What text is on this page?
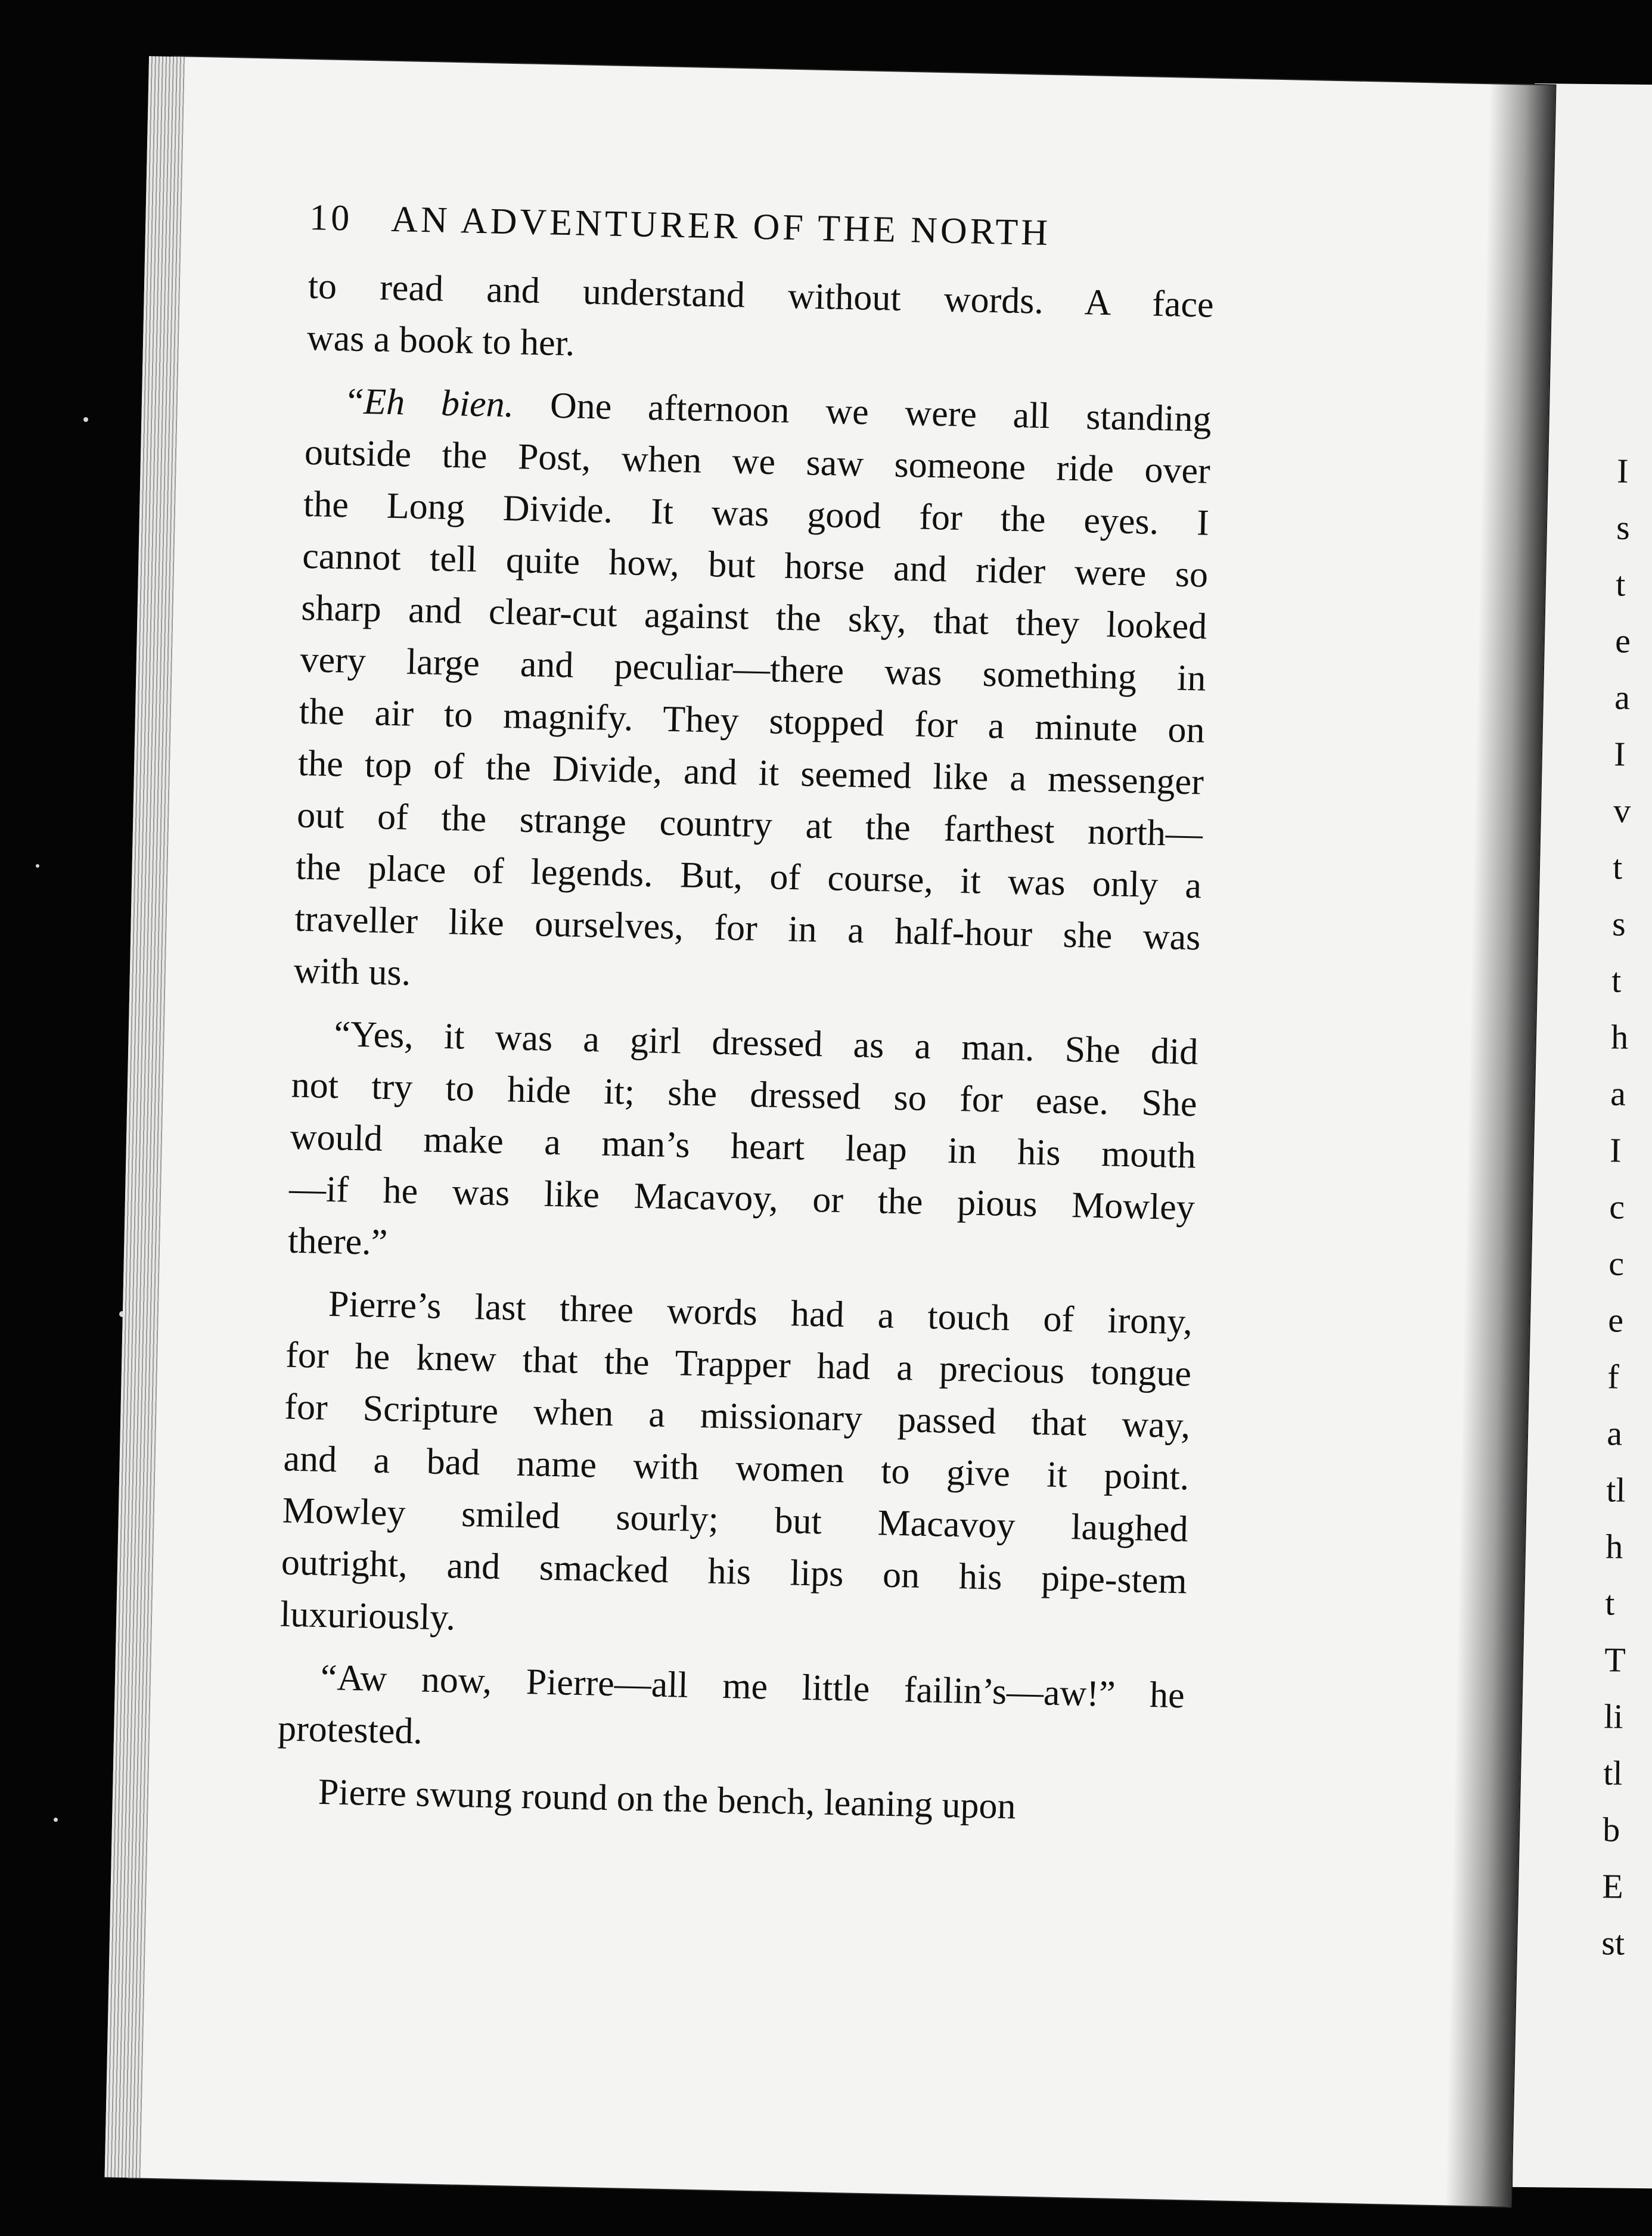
I
s
t
e
a
I
v
t
s
t
h
a
I
c
c
e
f
a
tl
h
t
T
li
tl
b
E
st
10 AN ADVENTURER OF THE NORTH
to read and understand without words. A face
was a book to her.
“Eh bien. One afternoon we were all standing
outside the Post, when we saw someone ride over
the Long Divide. It was good for the eyes. I
cannot tell quite how, but horse and rider were so
sharp and clear-cut against the sky, that they looked
very large and peculiar—there was something in
the air to magnify. They stopped for a minute on
the top of the Divide, and it seemed like a messenger
out of the strange country at the farthest north—
the place of legends. But, of course, it was only a
traveller like ourselves, for in a half-hour she was
with us.
“Yes, it was a girl dressed as a man. She did
not try to hide it; she dressed so for ease. She
would make a man’s heart leap in his mouth
—if he was like Macavoy, or the pious Mowley
there.”
Pierre’s last three words had a touch of irony,
for he knew that the Trapper had a precious tongue
for Scripture when a missionary passed that way,
and a bad name with women to give it point.
Mowley smiled sourly; but Macavoy laughed
outright, and smacked his lips on his pipe-stem
luxuriously.
“Aw now, Pierre—all me little failin’s—aw!” he
protested.
Pierre swung round on the bench, leaning upon
